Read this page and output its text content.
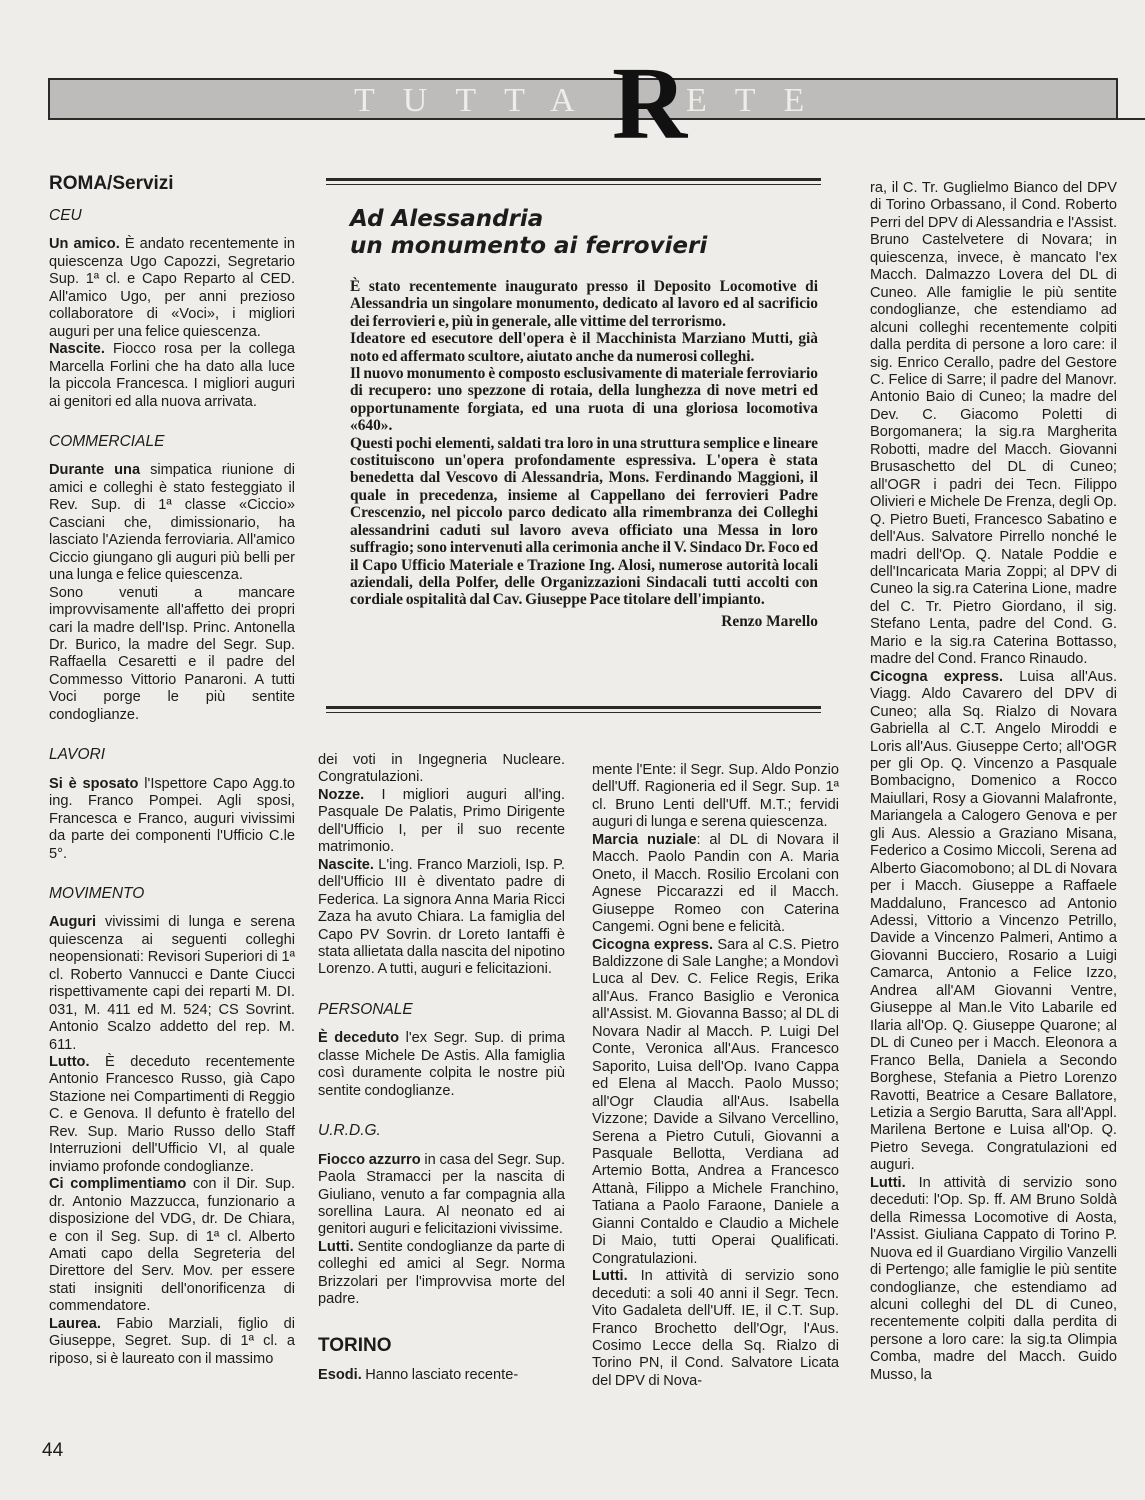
TUTTA R
ETE
ROMA/Servizi
CEU

Un amico. È andato recentemente in quiescenza Ugo Capozzi, Segretario Sup. 1ª cl. e Capo Reparto al CED. All'amico Ugo, per anni prezioso collaboratore di «Voci», i migliori auguri per una felice quiescenza.

Nascite. Fiocco rosa per la collega Marcella Forlini che ha dato alla luce la piccola Francesca. I migliori auguri ai genitori ed alla nuova arrivata.

COMMERCIALE

Durante una simpatica riunione di amici e colleghi è stato festeggiato il Rev. Sup. di 1ª classe «Ciccio» Casciani che, dimissionario, ha lasciato l'Azienda ferroviaria. All'amico Ciccio giungano gli auguri più belli per una lunga e felice quiescenza.

Sono venuti a mancare improvvisamente all'affetto dei propri cari la madre dell'Isp. Princ. Antonella Dr. Burico, la madre del Segr. Sup. Raffaella Cesaretti e il padre del Commesso Vittorio Panaroni. A tutti Voci porge le più sentite condoglianze.

LAVORI

Si è sposato l'Ispettore Capo Agg.to ing. Franco Pompei. Agli sposi, Francesca e Franco, auguri vivissimi da parte dei componenti l'Ufficio C.le 5°.

MOVIMENTO

Auguri vivissimi di lunga e serena quiescenza ai seguenti colleghi neopensionati: Revisori Superiori di 1ª cl. Roberto Vannucci e Dante Ciucci rispettivamente capi dei reparti M. DI. 031, M. 411 ed M. 524; CS Sovrint. Antonio Scalzo addetto del rep. M. 611.

Lutto. È deceduto recentemente Antonio Francesco Russo, già Capo Stazione nei Compartimenti di Reggio C. e Genova. Il defunto è fratello del Rev. Sup. Mario Russo dello Staff Interruzioni dell'Ufficio VI, al quale inviamo profonde condoglianze.

Ci complimentiamo con il Dir. Sup. dr. Antonio Mazzucca, funzionario a disposizione del VDG, dr. De Chiara, e con il Seg. Sup. di 1ª cl. Alberto Amati capo della Segreteria del Direttore del Serv. Mov. per essere stati insigniti dell'onorificenza di commendatore.

Laurea. Fabio Marziali, figlio di Giuseppe, Segret. Sup. di 1ª cl. a riposo, si è laureato con il massimo

Ad Alessandria
un monumento ai ferrovieri

È stato recentemente inaugurato presso il Deposito Locomotive di Alessandria un singolare monumento, dedicato al lavoro ed al sacrificio dei ferrovieri e, più in generale, alle vittime del terrorismo.

Ideatore ed esecutore dell'opera è il Macchinista Marziano Mutti, già noto ed affermato scultore, aiutato anche da numerosi colleghi.

Il nuovo monumento è composto esclusivamente di materiale ferroviario di recupero: uno spezzone di rotaia, della lunghezza di nove metri ed opportunamente forgiata, ed una ruota di una gloriosa locomotiva «640».

Questi pochi elementi, saldati tra loro in una struttura semplice e lineare costituiscono un'opera profondamente espressiva. L'opera è stata benedetta dal Vescovo di Alessandria, Mons. Ferdinando Maggioni, il quale in precedenza, insieme al Cappellano dei ferrovieri Padre Crescenzio, nel piccolo parco dedicato alla rimembranza dei Colleghi alessandrini caduti sul lavoro aveva officiato una Messa in loro suffragio; sono intervenuti alla cerimonia anche il V. Sindaco Dr. Foco ed il Capo Ufficio Materiale e Trazione Ing. Alosi, numerose autorità locali aziendali, della Polfer, delle Organizzazioni Sindacali tutti accolti con cordiale ospitalità dal Cav. Giuseppe Pace titolare dell'impianto.

Renzo Marello

dei voti in Ingegneria Nucleare. Congratulazioni.

Nozze. I migliori auguri all'ing. Pasquale De Palatis, Primo Dirigente dell'Ufficio I, per il suo recente matrimonio.

Nascite. L'ing. Franco Marzioli, Isp. P. dell'Ufficio III è diventato padre di Federica. La signora Anna Maria Ricci Zaza ha avuto Chiara. La famiglia del Capo PV Sovrin. dr Loreto Iantaffi è stata allietata dalla nascita del nipotino Lorenzo. A tutti, auguri e felicitazioni.

PERSONALE

È deceduto l'ex Segr. Sup. di prima classe Michele De Astis. Alla famiglia così duramente colpita le nostre più sentite condoglianze.

U.R.D.G.

Fiocco azzurro in casa del Segr. Sup. Paola Stramacci per la nascita di Giuliano, venuto a far compagnia alla sorellina Laura. Al neonato ed ai genitori auguri e felicitazioni vivissime.

Lutti. Sentite condoglianze da parte di colleghi ed amici al Segr. Norma Brizzolari per l'improvvisa morte del padre.

TORINO

Esodi. Hanno lasciato recente-

mente l'Ente: il Segr. Sup. Aldo Ponzio dell'Uff. Ragioneria ed il Segr. Sup. 1ª cl. Bruno Lenti dell'Uff. M.T.; fervidi auguri di lunga e serena quiescenza.

Marcia nuziale: al DL di Novara il Macch. Paolo Pandin con A. Maria Oneto, il Macch. Rosilio Ercolani con Agnese Piccarazzi ed il Macch. Giuseppe Romeo con Caterina Cangemi. Ogni bene e felicità.

Cicogna express. Sara al C.S. Pietro Baldizzone di Sale Langhe; a Mondovì Luca al Dev. C. Felice Regis, Erika all'Aus. Franco Basiglio e Veronica all'Assist. M. Giovanna Basso; al DL di Novara Nadir al Macch. P. Luigi Del Conte, Veronica all'Aus. Francesco Saporito, Luisa dell'Op. Ivano Cappa ed Elena al Macch. Paolo Musso; all'Ogr Claudia all'Aus. Isabella Vizzone; Davide a Silvano Vercellino, Serena a Pietro Cutuli, Giovanni a Pasquale Bellotta, Verdiana ad Artemio Botta, Andrea a Francesco Attanà, Filippo a Michele Franchino, Tatiana a Paolo Faraone, Daniele a Gianni Contaldo e Claudio a Michele Di Maio, tutti Operai Qualificati. Congratulazioni.

Lutti. In attività di servizio sono deceduti: a soli 40 anni il Segr. Tecn. Vito Gadaleta dell'Uff. IE, il C.T. Sup. Franco Brochetto dell'Ogr, l'Aus. Cosimo Lecce della Sq. Rialzo di Torino PN, il Cond. Salvatore Licata del DPV di Nova-

ra, il C. Tr. Guglielmo Bianco del DPV di Torino Orbassano, il Cond. Roberto Perri del DPV di Alessandria e l'Assist. Bruno Castelvetere di Novara; in quiescenza, invece, è mancato l'ex Macch. Dalmazzo Lovera del DL di Cuneo. Alle famiglie le più sentite condoglianze, che estendiamo ad alcuni colleghi recentemente colpiti dalla perdita di persone a loro care: il sig. Enrico Cerallo, padre del Gestore C. Felice di Sarre; il padre del Manovr. Antonio Baio di Cuneo; la madre del Dev. C. Giacomo Poletti di Borgomanera; la sig.ra Margherita Robotti, madre del Macch. Giovanni Brusaschetto del DL di Cuneo; all'OGR i padri dei Tecn. Filippo Olivieri e Michele De Frenza, degli Op. Q. Pietro Bueti, Francesco Sabatino e dell'Aus. Salvatore Pirrello nonché le madri dell'Op. Q. Natale Poddie e dell'Incaricata Maria Zoppi; al DPV di Cuneo la sig.ra Caterina Lione, madre del C. Tr. Pietro Giordano, il sig. Stefano Lenta, padre del Cond. G. Mario e la sig.ra Caterina Bottasso, madre del Cond. Franco Rinaudo.

Cicogna express. Luisa all'Aus. Viagg. Aldo Cavarero del DPV di Cuneo; alla Sq. Rialzo di Novara Gabriella al C.T. Angelo Miroddi e Loris all'Aus. Giuseppe Certo; all'OGR per gli Op. Q. Vincenzo a Pasquale Bombacigno, Domenico a Rocco Maiullari, Rosy a Giovanni Malafronte, Mariangela a Calogero Genova e per gli Aus. Alessio a Graziano Misana, Federico a Cosimo Miccoli, Serena ad Alberto Giacomobono; al DL di Novara per i Macch. Giuseppe a Raffaele Maddaluno, Francesco ad Antonio Adessi, Vittorio a Vincenzo Petrillo, Davide a Vincenzo Palmeri, Antimo a Giovanni Bucciero, Rosario a Luigi Camarca, Antonio a Felice Izzo, Andrea all'AM Giovanni Ventre, Giuseppe al Man.le Vito Labarile ed Ilaria all'Op. Q. Giuseppe Quarone; al DL di Cuneo per i Macch. Eleonora a Franco Bella, Daniela a Secondo Borghese, Stefania a Pietro Lorenzo Ravotti, Beatrice a Cesare Ballatore, Letizia a Sergio Barutta, Sara all'Appl. Marilena Bertone e Luisa all'Op. Q. Pietro Sevega. Congratulazioni ed auguri.

Lutti. In attività di servizio sono deceduti: l'Op. Sp. ff. AM Bruno Soldà della Rimessa Locomotive di Aosta, l'Assist. Giuliana Cappato di Torino P. Nuova ed il Guardiano Virgilio Vanzelli di Pertengo; alle famiglie le più sentite condoglianze, che estendiamo ad alcuni colleghi del DL di Cuneo, recentemente colpiti dalla perdita di persone a loro care: la sig.ta Olimpia Comba, madre del Macch. Guido Musso, la

44
